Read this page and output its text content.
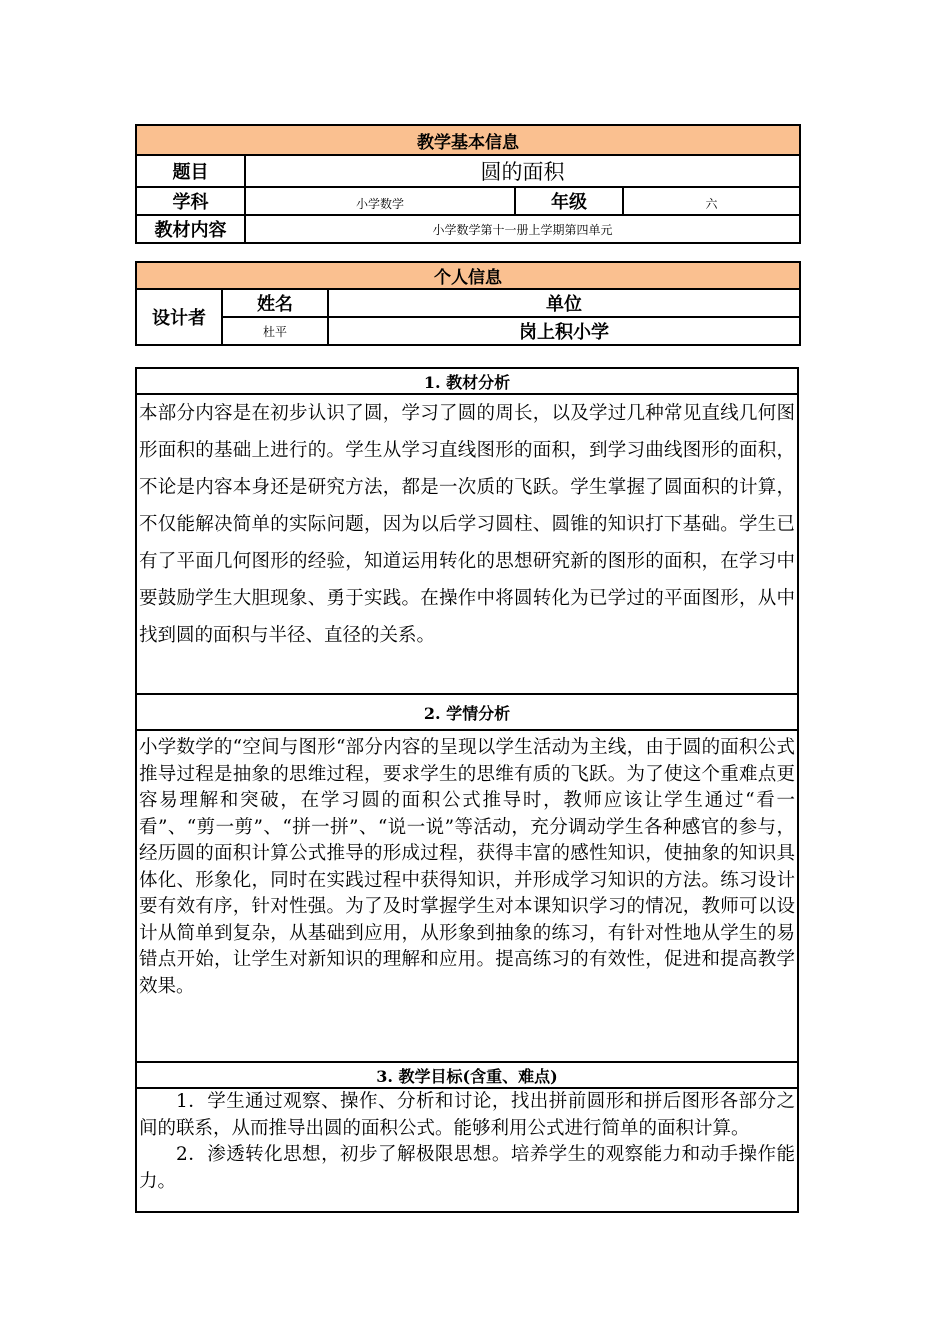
教学基本信息			
题目	圆的面积		
学科	小学数学	年级	六
教材内容	小学数学第十一册上学期第四单元		
个人信息		
设计者	姓名	单位
	杜平	岗上积小学
1. 教材分析
本部分内容是在初步认识了圆，学习了圆的周长，以及学过几种常见直线几何图形面积的基础上进行的。学生从学习直线图形的面积，到学习曲线图形的面积，不论是内容本身还是研究方法，都是一次质的飞跃。学生掌握了圆面积的计算，不仅能解决简单的实际问题，因为以后学习圆柱、圆锥的知识打下基础。学生已有了平面几何图形的经验，知道运用转化的思想研究新的图形的面积，在学习中要鼓励学生大胆现象、勇于实践。在操作中将圆转化为已学过的平面图形，从中找到圆的面积与半径、直径的关系。
2. 学情分析
小学数学的“空间与图形“部分内容的呈现以学生活动为主线，由于圆的面积公式推导过程是抽象的思维过程，要求学生的思维有质的飞跃。为了使这个重难点更容易理解和突破，在学习圆的面积公式推导时，教师应该让学生通过“看一看”、“剪一剪”、“拼一拼”、“说一说”等活动，充分调动学生各种感官的参与，经历圆的面积计算公式推导的形成过程，获得丰富的感性知识，使抽象的知识具体化、形象化，同时在实践过程中获得知识，并形成学习知识的方法。练习设计要有效有序，针对性强。为了及时掌握学生对本课知识学习的情况，教师可以设计从简单到复杂，从基础到应用，从形象到抽象的练习，有针对性地从学生的易错点开始，让学生对新知识的理解和应用。提高练习的有效性，促进和提高教学效果。
3. 教学目标(含重、难点)

1．学生通过观察、操作、分析和讨论，找出拼前圆形和拼后图形各部分之间的联系，从而推导出圆的面积公式。能够利用公式进行简单的面积计算。
2．渗透转化思想，初步了解极限思想。培养学生的观察能力和动手操作能力。
